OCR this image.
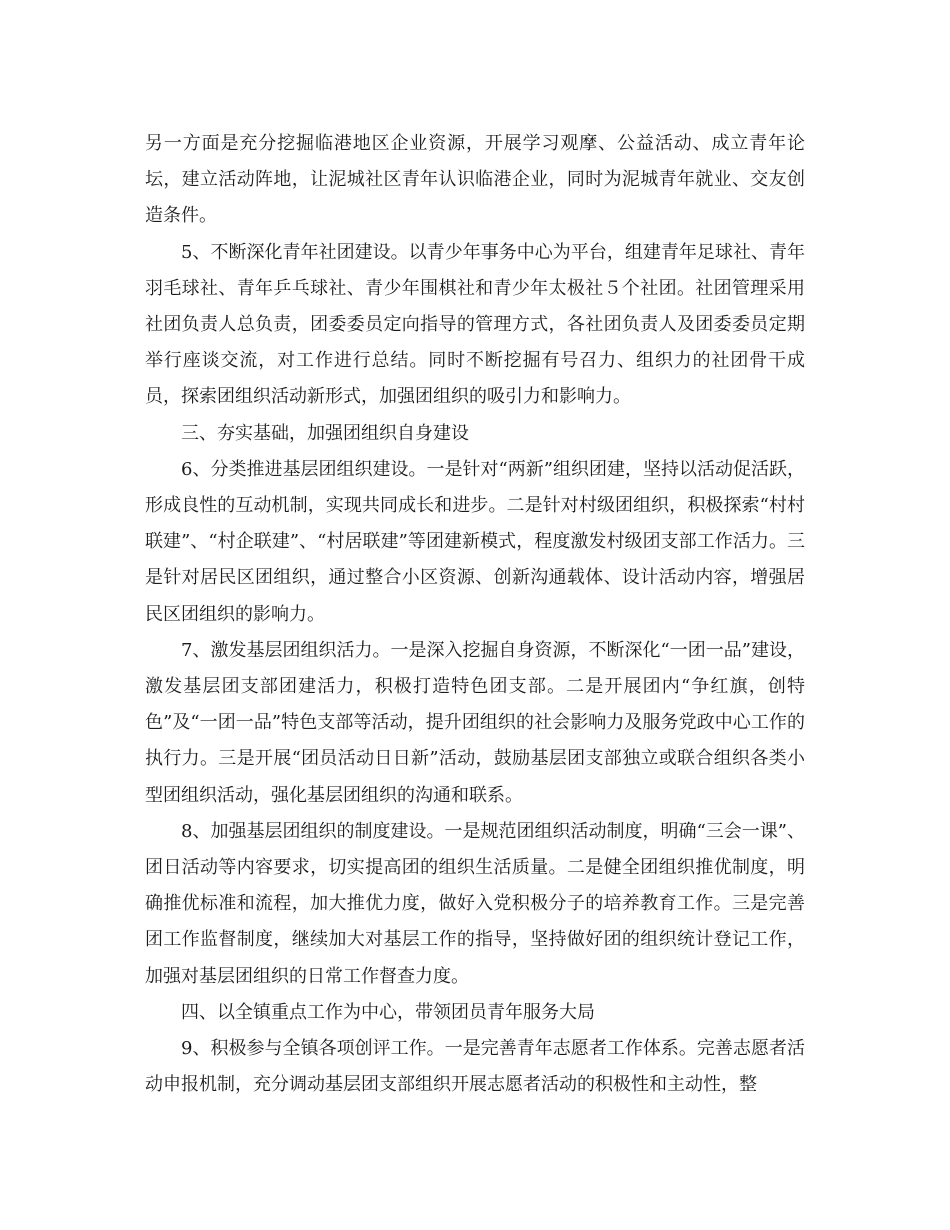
另一方面是充分挖掘临港地区企业资源，开展学习观摩、公益活动、成立青年论坛，建立活动阵地，让泥城社区青年认识临港企业，同时为泥城青年就业、交友创造条件。

5、不断深化青年社团建设。以青少年事务中心为平台，组建青年足球社、青年羽毛球社、青年乒乓球社、青少年围棋社和青少年太极社５个社团。社团管理采用社团负责人总负责，团委委员定向指导的管理方式，各社团负责人及团委委员定期举行座谈交流，对工作进行总结。同时不断挖掘有号召力、组织力的社团骨干成员，探索团组织活动新形式，加强团组织的吸引力和影响力。

三、夯实基础，加强团组织自身建设

6、分类推进基层团组织建设。一是针对“两新”组织团建，坚持以活动促活跃，形成良性的互动机制，实现共同成长和进步。二是针对村级团组织，积极探索“村村联建”、“村企联建”、“村居联建”等团建新模式，程度激发村级团支部工作活力。三是针对居民区团组织，通过整合小区资源、创新沟通载体、设计活动内容，增强居民区团组织的影响力。

7、激发基层团组织活力。一是深入挖掘自身资源，不断深化“一团一品”建设，激发基层团支部团建活力，积极打造特色团支部。二是开展团内“争红旗，创特色”及“一团一品”特色支部等活动，提升团组织的社会影响力及服务党政中心工作的执行力。三是开展“团员活动日日新”活动，鼓励基层团支部独立或联合组织各类小型团组织活动，强化基层团组织的沟通和联系。

8、加强基层团组织的制度建设。一是规范团组织活动制度，明确“三会一课”、团日活动等内容要求，切实提高团的组织生活质量。二是健全团组织推优制度，明确推优标准和流程，加大推优力度，做好入党积极分子的培养教育工作。三是完善团工作监督制度，继续加大对基层工作的指导，坚持做好团的组织统计登记工作，加强对基层团组织的日常工作督查力度。

四、以全镇重点工作为中心，带领团员青年服务大局

9、积极参与全镇各项创评工作。一是完善青年志愿者工作体系。完善志愿者活动申报机制，充分调动基层团支部组织开展志愿者活动的积极性和主动性，整
